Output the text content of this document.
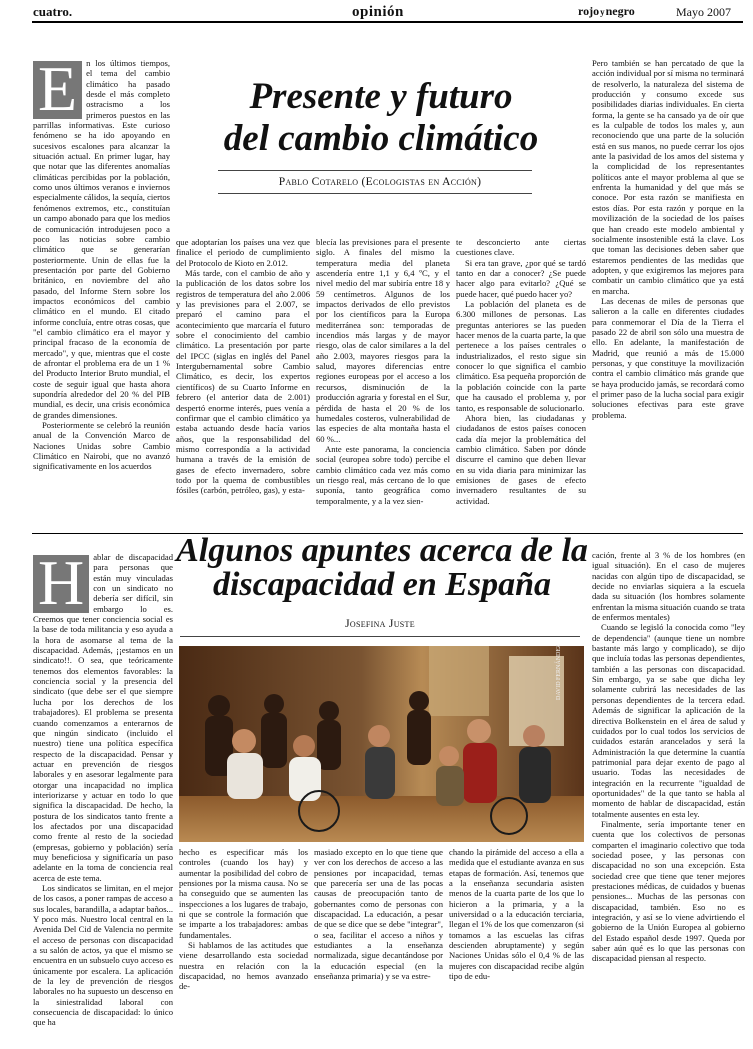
cuatro.	opinión	rojoynegro	Mayo 2007

E	n los últimos tiempos, el tema del cambio climático ha pasado desde el más completo ostracismo a los primeros puestos en las parrillas informativas. Este curioso fenómeno se ha ido apoyando en sucesivos escalones para alcanzar la situación actual. En primer lugar, hay que notar que las diferentes anomalías climáticas percibidas por la población, como unos últimos veranos e inviernos especialmente cálidos, la sequía, ciertos fenómenos extremos, etc., constituían un campo abonado para que los medios de comunicación introdujesen poco a poco las noticias sobre cambio climático que se generarían posteriormente. Unin de ellas fue la presentación por parte del Gobierno británico, en noviembre del año pasado, del Informe Stern sobre los impactos económicos del cambio climático en el mundo. El citado informe concluía, entre otras cosas, que "el cambio climático era el mayor y principal fracaso de la economía de mercado", y que, mientras que el coste de afrontar el problema era de un 1 % del Producto Interior Bruto mundial, el coste de seguir igual que hasta ahora supondría alrededor del 20 % del PIB mundial, es decir, una crisis económica de grandes dimensiones.

Posteriormente se celebró la reunión anual de la Convención Marco de Naciones Unidas sobre Cambio Climático en Nairobi, que no avanzó significativamente en los acuerdos

Presente y futuro
del cambio climático
Pablo Cotarelo (Ecologistas en Acción)

que adoptarían los países una vez que finalice el periodo de cumplimiento del Protocolo de Kioto en 2.012.

Más tarde, con el cambio de año y la publicación de los datos sobre los registros de temperatura del año 2.006 y las previsiones para el 2.007, se preparó el camino para el acontecimiento que marcaría el futuro sobre el conocimiento del cambio climático. La presentación por parte del IPCC (siglas en inglés del Panel Intergubernamental sobre Cambio Climático, es decir, los expertos científicos) de su Cuarto Informe en febrero (el anterior data de 2.001) despertó enorme interés, pues venía a confirmar que el cambio climático ya estaba actuando desde hacía varios años, que la responsabilidad del mismo correspondía a la actividad humana a través de la emisión de gases de efecto invernadero, sobre todo por la quema de combustibles fósiles (carbón, petróleo, gas), y esta-

blecía las previsiones para el presente siglo. A finales del mismo la temperatura media del planeta ascendería entre 1,1 y 6,4 ºC, y el nivel medio del mar subiría entre 18 y 59 centímetros. Algunos de los impactos derivados de ello previstos por los científicos para la Europa mediterránea son: temporadas de incendios más largas y de mayor riesgo, olas de calor similares a la del año 2.003, mayores riesgos para la salud, mayores diferencias entre regiones europeas por el acceso a los recursos, disminución de la producción agraria y forestal en el Sur, pérdida de hasta el 20 % de los humedales costeros, vulnerabilidad de las especies de alta montaña hasta el 60 %...

Ante este panorama, la conciencia social (europea sobre todo) percibe el cambio climático cada vez más como un riesgo real, más cercano de lo que suponía, tanto geográfica como temporalmente, y a la vez sien-

te desconcierto ante ciertas cuestiones clave.

Si era tan grave, ¿por qué se tardó tanto en dar a conocer? ¿Se puede hacer algo para evitarlo? ¿Qué se puede hacer, qué puedo hacer yo?

La población del planeta es de 6.300 millones de personas. Las preguntas anteriores se las pueden hacer menos de la cuarta parte, la que pertenece a los países centrales o industrializados, el resto sigue sin conocer lo que significa el cambio climático. Esa pequeña proporción de la población coincide con la parte que ha causado el problema y, por tanto, es responsable de solucionarlo.

Ahora bien, las ciudadanas y ciudadanos de estos países conocen cada día mejor la problemática del cambio climático. Saben por dónde discurre el camino que deben llevar en su vida diaria para minimizar las emisiones de gases de efecto invernadero resultantes de su actividad.

Pero también se han percatado de que la acción individual por sí misma no terminará de resolverlo, la naturaleza del sistema de producción y consumo excede sus posibilidades diarias individuales. En cierta forma, la gente se ha cansado ya de oír que es la culpable de todos los males y, aun reconociendo que una parte de la solución está en sus manos, no puede cerrar los ojos ante la pasividad de los amos del sistema y la complicidad de los representantes políticos ante el mayor problema al que se enfrenta la humanidad y del que más se conoce. Por esta razón se manifiesta en estos días. Por esta razón y porque en la movilización de la sociedad de los países que han creado este modelo ambiental y socialmente insostenible está la clave. Los que toman las decisiones deben saber que estaremos pendientes de las medidas que adopten, y que exigiremos las mejores para combatir un cambio climático que ya está en marcha.

Las decenas de miles de personas que salieron a la calle en diferentes ciudades para conmemorar el Día de la Tierra el pasado 22 de abril son sólo una muestra de ello. En adelante, la manifestación de Madrid, que reunió a más de 15.000 personas, y que constituye la movilización contra el cambio climático más grande que se haya producido jamás, se recordará como el primer paso de la lucha social para exigir soluciones efectivas para este grave problema.

H	ablar de discapacidad para personas que están muy vinculadas con un sindicato no debería ser difícil, sin embargo lo es. Creemos que tener conciencia social es la base de toda militancia y eso ayuda a la hora de asomarse al tema de la discapacidad. Además, ¡¡estamos en un sindicato!!. O sea, que teóricamente tenemos dos elementos favorables: la conciencia social y la presencia del sindicato (que debe ser el que siempre lucha por los derechos de los trabajadores). El problema se presenta cuando comenzamos a enterarnos de que ningún sindicato (incluido el nuestro) tiene una política específica respecto de la discapacidad. Pensar y actuar en prevención de riesgos laborales y en asesorar legalmente para otorgar una incapacidad no implica interiorizarse y actuar en todo lo que significa la discapacidad. De hecho, la postura de los sindicatos tanto frente a los afectados por una discapacidad como frente al resto de la sociedad (empresas, gobierno y población) sería muy beneficiosa y significaría un paso adelante en la toma de conciencia real acerca de este tema.

Los sindicatos se limitan, en el mejor de los casos, a poner rampas de acceso a sus locales, barandilla, a adaptar baños... Y poco más. Nuestro local central en la Avenida Del Cid de Valencia no permite el acceso de personas con discapacidad a su salón de actos, ya que el mismo se encuentra en un subsuelo cuyo acceso es únicamente por escalera. La aplicación de la ley de prevención de riesgos laborales no ha supuesto un descenso en la siniestralidad laboral con consecuencia de discapacidad: lo único que ha

Algunos apuntes acerca de la
discapacidad en España
Josefina Juste
DAVID FERNÁNDEZ

hecho es especificar más los controles (cuando los hay) y aumentar la posibilidad del cobro de pensiones por la misma causa. No se ha conseguido que se aumenten las inspecciones a los lugares de trabajo, ni que se controle la formación que se imparte a los trabajadores: ambas fundamentales.

Si hablamos de las actitudes que viene desarrollando esta sociedad nuestra en relación con la discapacidad, no hemos avanzado de-

masiado excepto en lo que tiene que ver con los derechos de acceso a las pensiones por incapacidad, temas que parecería ser una de las pocas causas de preocupación tanto de gobernantes como de personas con discapacidad. La educación, a pesar de que se dice que se debe "integrar", o sea, facilitar el acceso a niños y estudiantes a la enseñanza normalizada, sigue decantándose por la educación especial (en la enseñanza primaria) y se va estre-

chando la pirámide del acceso a ella a medida que el estudiante avanza en sus etapas de formación. Así, tenemos que a la enseñanza secundaria asisten menos de la cuarta parte de los que lo hicieron a la primaria, y a la universidad o a la educación terciaria, llegan el 1% de los que comenzaron (si tomamos a las escuelas las cifras descienden abruptamente) y según Naciones Unidas sólo el 0,4 % de las mujeres con discapacidad recibe algún tipo de edu-

cación, frente al 3 % de los hombres (en igual situación). En el caso de mujeres nacidas con algún tipo de discapacidad, se decide no enviarlas siquiera a la escuela dada su situación (los hombres solamente enfrentan la misma situación cuando se trata de enfermos mentales)

Cuando se legisló la conocida como "ley de dependencia" (aunque tiene un nombre bastante más largo y complicado), se dijo que incluía todas las personas dependientes, también a las personas con discapacidad. Sin embargo, ya se sabe que dicha ley solamente cubrirá las necesidades de las personas dependientes de la tercera edad. Además de significar la aplicación de la directiva Bolkenstein en el área de salud y cuidados por lo cual todos los servicios de cuidados estarán arancelados y será la Administración la que determine la cuantía patrimonial para dejar exento de pago al usuario. Todas las necesidades de integración en la recurrente "igualdad de oportunidades" de la que tanto se habla al momento de hablar de discapacidad, están totalmente ausentes en esta ley.

Finalmente, sería importante tener en cuenta que los colectivos de personas comparten el imaginario colectivo que toda sociedad posee, y las personas con discapacidad no son una excepción. Esta sociedad cree que tiene que tener mejores prestaciones médicas, de cuidados y buenas pensiones... Muchas de las personas con discapacidad, también. Eso no es integración, y así se lo viene advirtiendo el gobierno de la Unión Europea al gobierno del Estado español desde 1997. Queda por saber aún qué es lo que las personas con discapacidad piensan al respecto.
